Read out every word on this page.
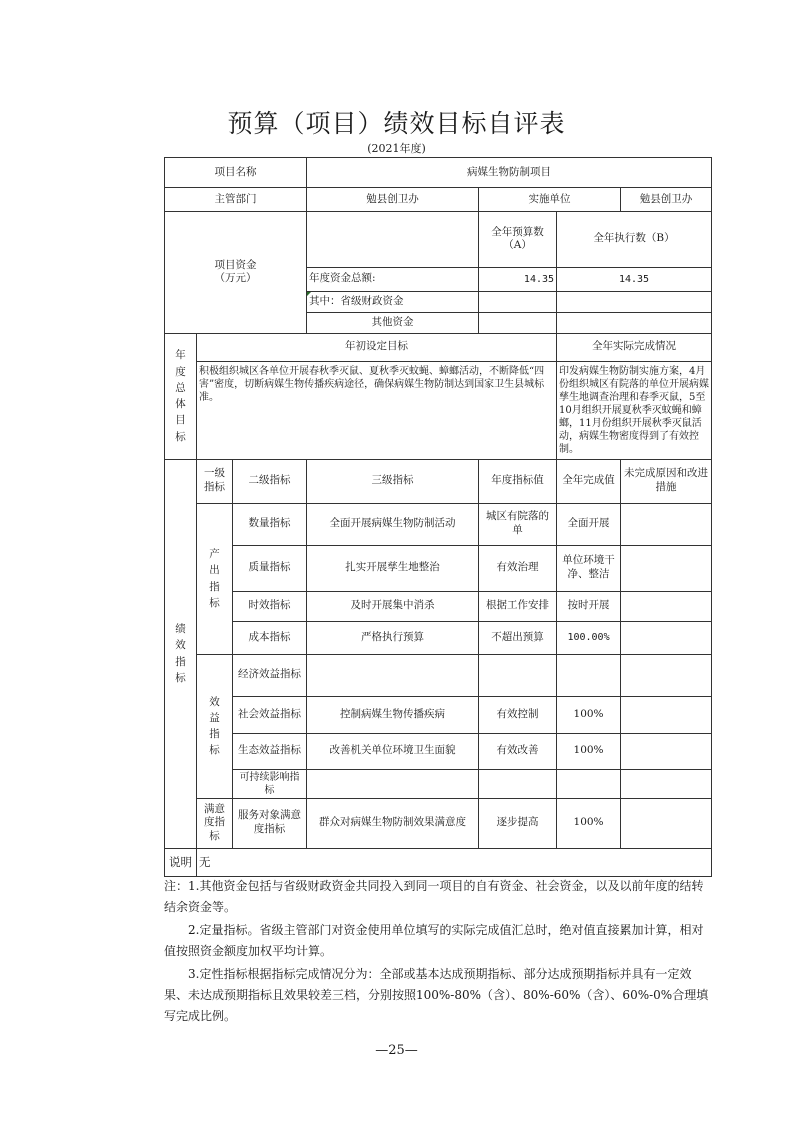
预算（项目）绩效目标自评表
(2021年度)
项目名称			病媒生物防制项目				
主管部门			勉县创卫办	实施单位		勉县创卫办	

项目资金
（万元）				全年预算数（A）	全年执行数（B）	
			年度资金总额:	14.35	14.35	
			其中：省级财政资金				
			其他资金				

年度总体目标	年初设定目标				全年实际完成情况		
	积极组织城区各单位开展春秋季灭鼠、夏秋季灭蚊蝇、蟑螂活动，不断降低“四害”密度，切断病媒生物传播疾病途径，确保病媒生物防制达到国家卫生县城标准。				印发病媒生物防制实施方案，4月份组织城区有院落的单位开展病媒孳生地调查治理和春季灭鼠，5至10月组织开展夏秋季灭蚊蝇和蟑螂，11月份组织开展秋季灭鼠活动，病媒生物密度得到了有效控制。		

绩效指标	一级指标	二级指标	三级指标	年度指标值	全年完成值	未完成原因和改进措施	

	产出指标	数量指标	全面开展病媒生物防制活动	城区有院落的单	全面开展		
		质量指标	扎实开展孳生地整治	有效治理	单位环境干净、整洁		
		时效指标	及时开展集中消杀	根据工作安排	按时开展		
		成本指标	严格执行预算	不超出预算	100.00%		

	效益指标	经济效益指标					
		社会效益指标	控制病媒生物传播疾病	有效控制	100%		
		生态效益指标	改善机关单位环境卫生面貌	有效改善	100%		
		可持续影响指标					
	满意度指标	服务对象满意度指标	群众对病媒生物防制效果满意度	逐步提高	100%		
说明	无						

注：1.其他资金包括与省级财政资金共同投入到同一项目的自有资金、社会资金，以及以前年度的结转结余资金等。

2.定量指标。省级主管部门对资金使用单位填写的实际完成值汇总时，绝对值直接累加计算，相对值按照资金额度加权平均计算。

3.定性指标根据指标完成情况分为：全部或基本达成预期指标、部分达成预期指标并具有一定效果、未达成预期指标且效果较差三档，分别按照100%-80%（含）、80%-60%（含）、60%-0%合理填写完成比例。

—25—
